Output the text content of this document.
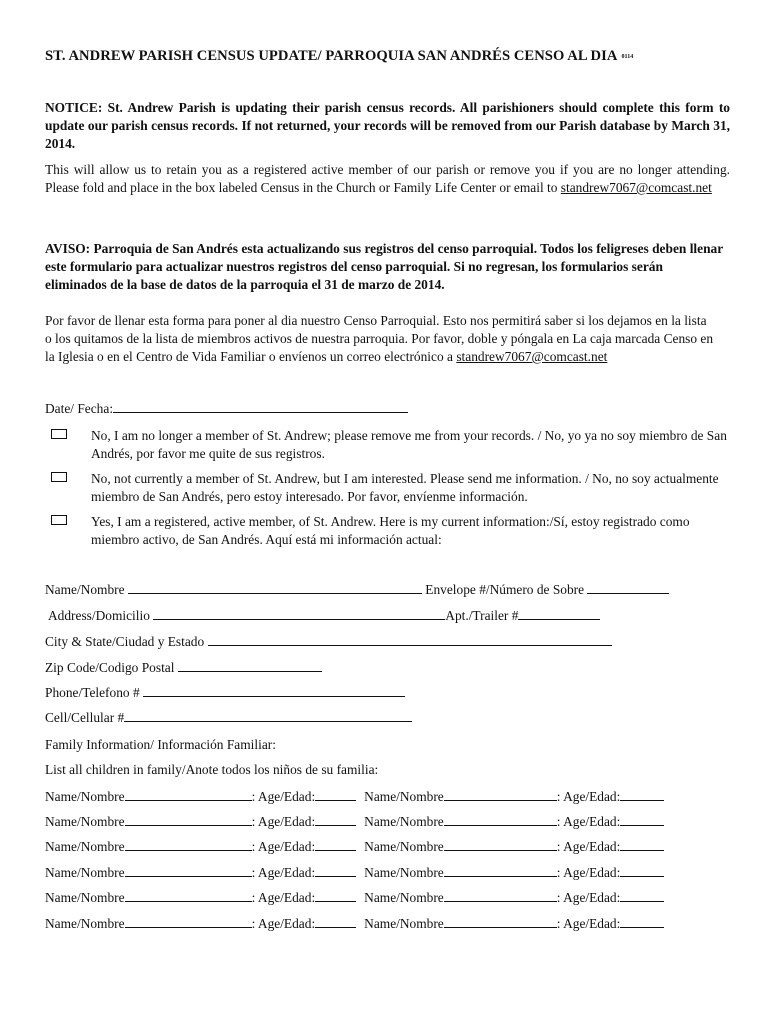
ST. ANDREW PARISH CENSUS UPDATE/ PARROQUIA SAN ANDRÉS CENSO AL DIA 0114
NOTICE: St. Andrew Parish is updating their parish census records. All parishioners should complete this form to update our parish census records. If not returned, your records will be removed from our Parish database by March 31, 2014.
This will allow us to retain you as a registered active member of our parish or remove you if you are no longer attending. Please fold and place in the box labeled Census in the Church or Family Life Center or email to standrew7067@comcast.net
AVISO: Parroquia de San Andrés esta actualizando sus registros del censo parroquial. Todos los feligreses deben llenar este formulario para actualizar nuestros registros del censo parroquial. Si no regresan, los formularios serán eliminados de la base de datos de la parroquia el 31 de marzo de 2014.
Por favor de llenar esta forma para poner al dia nuestro Censo Parroquial. Esto nos permitirá saber si los dejamos en la lista o los quitamos de la lista de miembros activos de nuestra parroquia. Por favor, doble y póngala en La caja marcada Censo en la Iglesia o en el Centro de Vida Familiar o envíenos un correo electrónico a standrew7067@comcast.net
Date/ Fecha:
No, I am no longer a member of St. Andrew; please remove me from your records. / No, yo ya no soy miembro de San Andrés, por favor me quite de sus registros.
No, not currently a member of St. Andrew, but I am interested. Please send me information. / No, no soy actualmente miembro de San Andrés, pero estoy interesado. Por favor, envíenme información.
Yes, I am a registered, active member, of St. Andrew. Here is my current information:/Sí, estoy registrado como miembro activo, de San Andrés. Aquí está mi información actual:
Name/Nombre	Envelope #/Número de Sobre
Address/Domicilio	Apt./Trailer #
City & State/Ciudad y Estado
Zip Code/Codigo Postal
Phone/Telefono #
Cell/Cellular #
Family Information/ Información Familiar:
List all children in family/Anote todos los niños de su familia:
Name/Nombre	: Age/Edad:	Name/Nombre	: Age/Edad:
Name/Nombre	: Age/Edad:	Name/Nombre	: Age/Edad:
Name/Nombre	: Age/Edad:	Name/Nombre	: Age/Edad:
Name/Nombre	: Age/Edad:	Name/Nombre	: Age/Edad:
Name/Nombre	: Age/Edad:	Name/Nombre	: Age/Edad:
Name/Nombre	: Age/Edad:	Name/Nombre	: Age/Edad:
